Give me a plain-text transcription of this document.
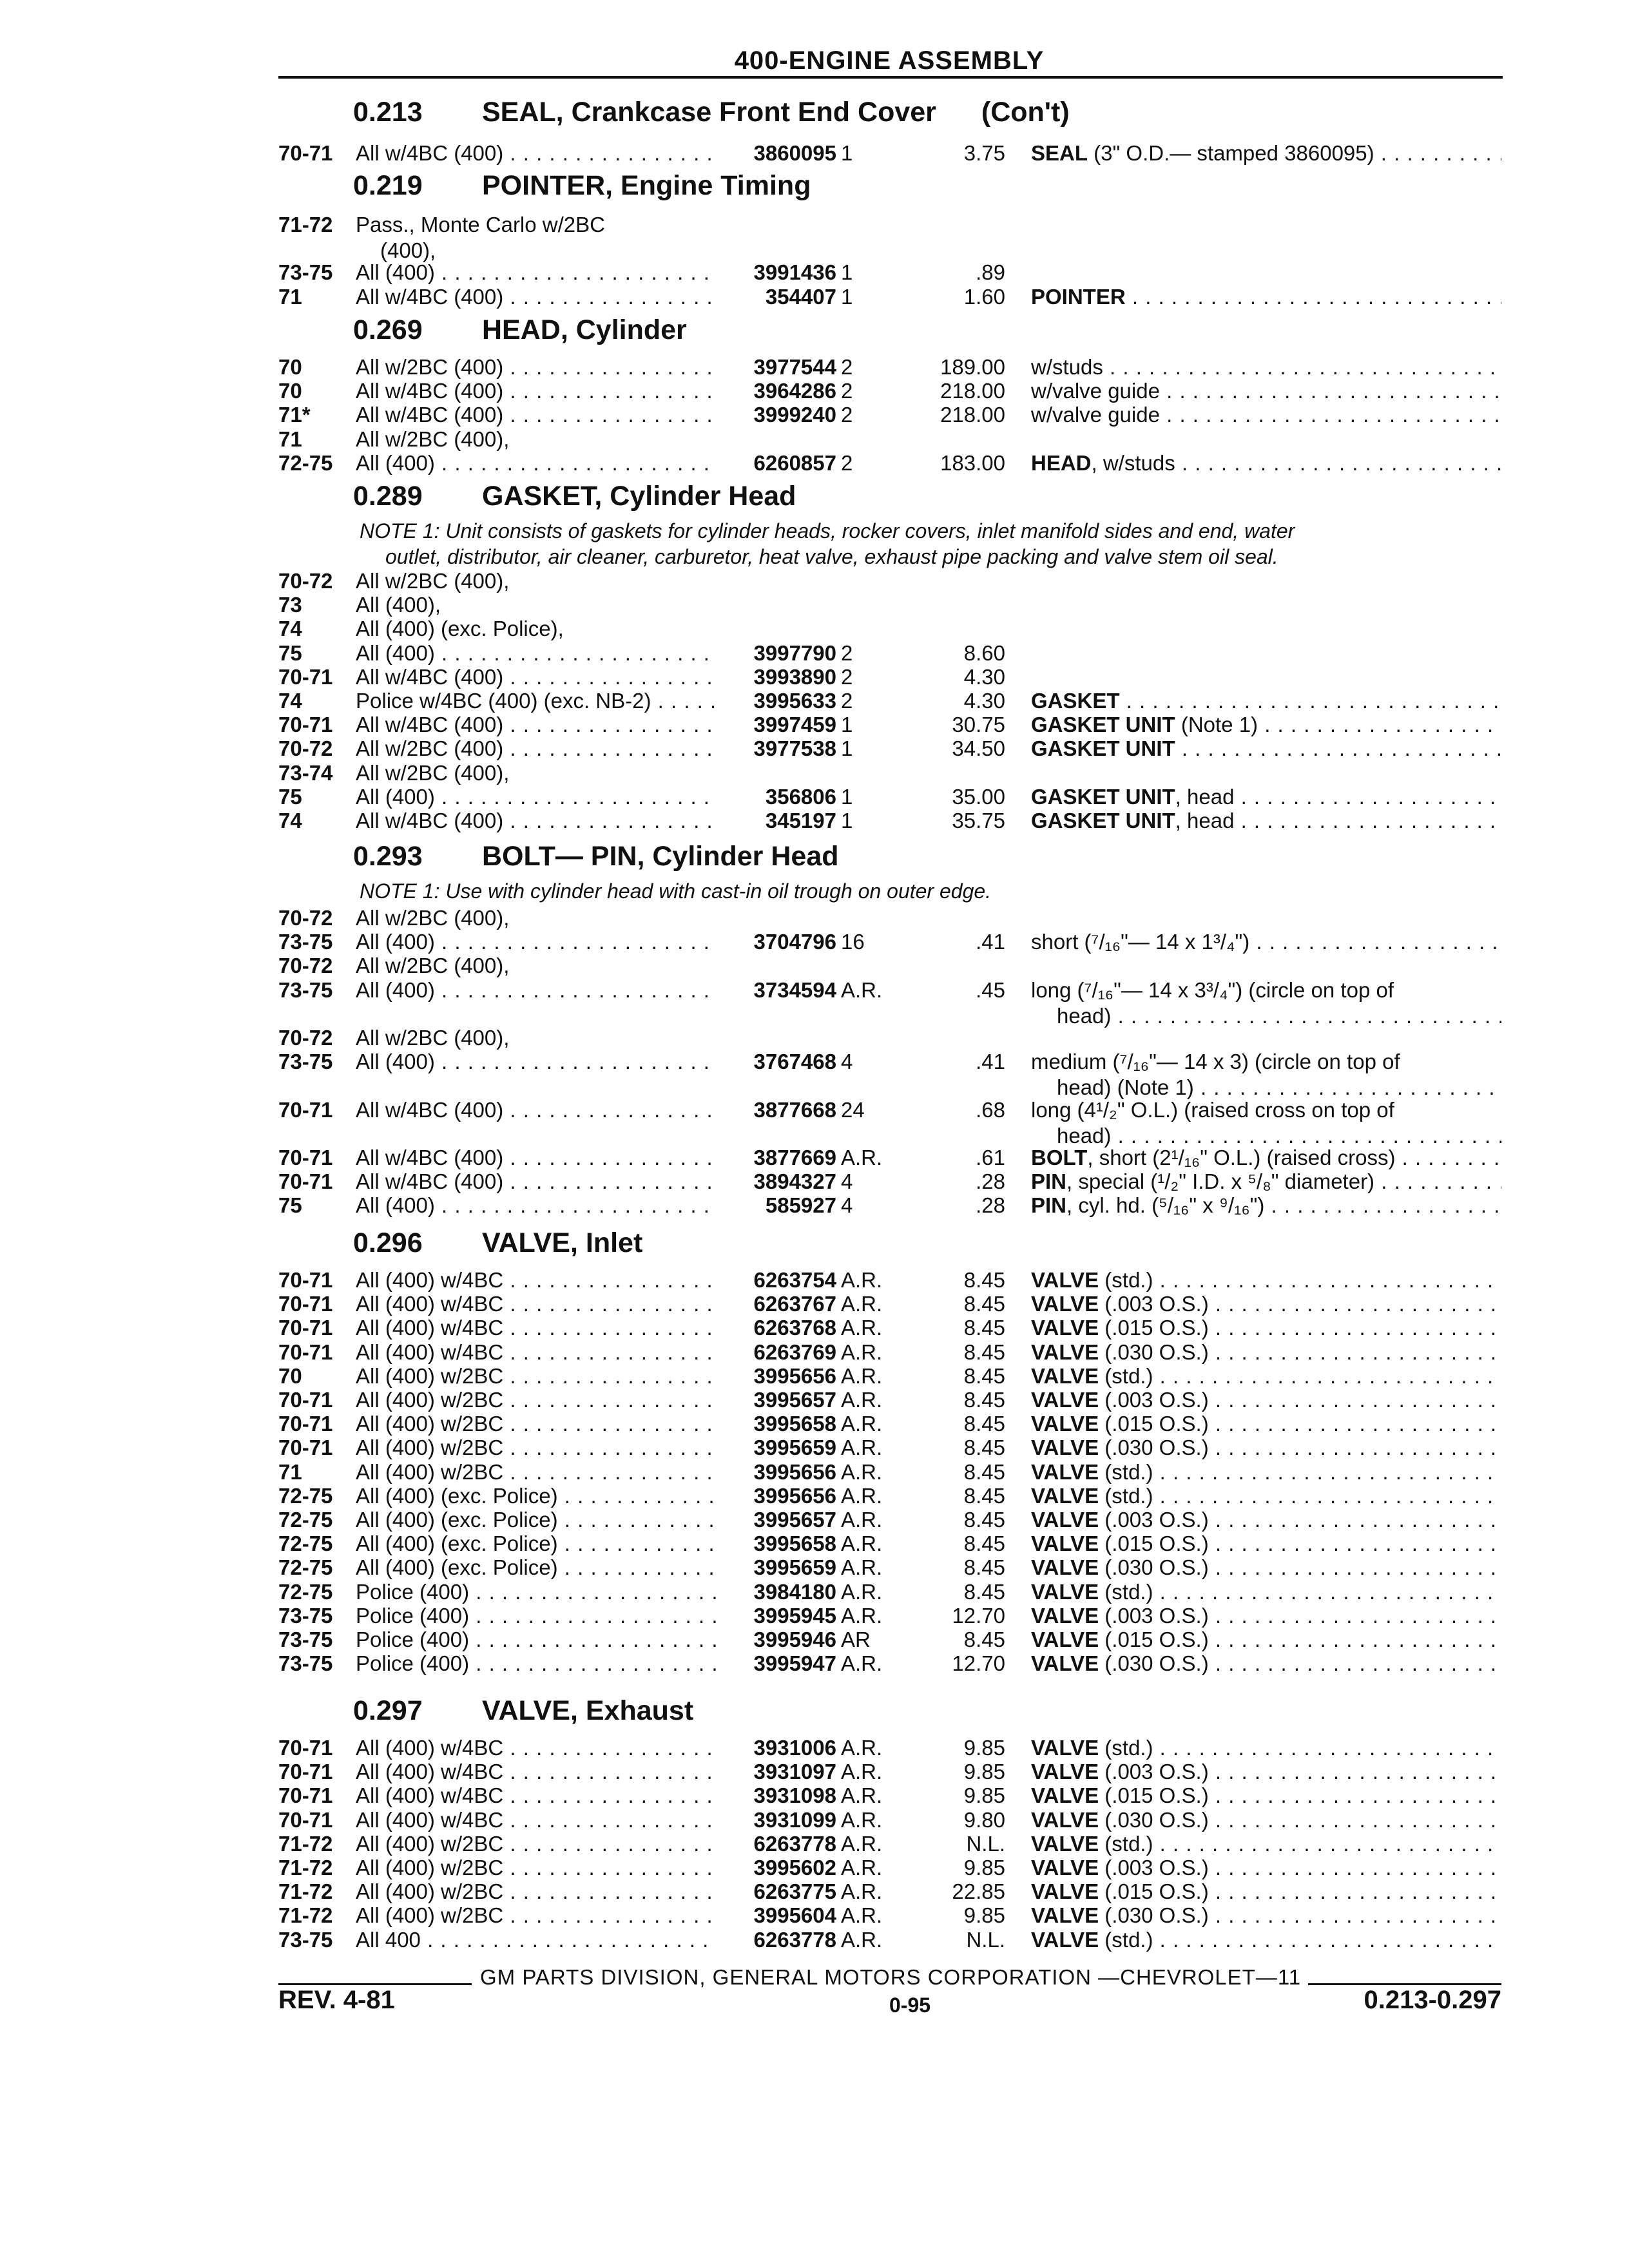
400-ENGINE ASSEMBLY
0.213 SEAL, Crankcase Front End Cover (Con't)
70-71 All w/4BC (400) . . .	3860095 1	3.75 SEAL (3" O.D.— stamped 3860095) . . .
0.219 POINTER, Engine Timing
71-72 Pass., Monte Carlo w/2BC
(400),
73-75 All (400) . . .	3991436 1	.89
71	All w/4BC (400) . . .	354407 1	1.60 POINTER . . .
0.269 HEAD, Cylinder
70	All w/2BC (400) . . .	3977544 2	189.00 w/studs . . .
70	All w/4BC (400) . . .	3964286 2	218.00 w/valve guide . . .
71* All w/4BC (400) . . .	3999240 2	218.00 w/valve guide . . .
71	All w/2BC (400),
72-75 All (400) . . .	6260857 2	183.00 HEAD, w/studs . . .
0.289 GASKET, Cylinder Head
NOTE 1: Unit consists of gaskets for cylinder heads, rocker covers, inlet manifold sides and end, water
outlet, distributor, air cleaner, carburetor, heat valve, exhaust pipe packing and valve stem oil seal.
70-72 All w/2BC (400),
73	All (400),
74	All (400) (exc. Police),
75	All (400) . . .	3997790 2	8.60
70-71 All w/4BC (400) . . .	3993890 2	4.30
74	Police w/4BC (400) (exc. NB-2) . . .	3995633 2	4.30 GASKET . . .
70-71 All w/4BC (400) . . .	3997459 1	30.75 GASKET UNIT (Note 1) . . .
70-72 All w/2BC (400) . . .	3977538 1	34.50 GASKET UNIT . . .
73-74 All w/2BC (400),
75	All (400) . . .	356806 1	35.00 GASKET UNIT, head . . .
74	All w/4BC (400) . . .	345197 1	35.75 GASKET UNIT, head . . .
0.293 BOLT— PIN, Cylinder Head
NOTE 1: Use with cylinder head with cast-in oil trough on outer edge.
70-72 All w/2BC (400),
73-75 All (400) . . .	3704796 16	.41 short (⁷/₁₆"— 14 x 1³/₄") . . .
70-72 All w/2BC (400),
73-75 All (400) . . .	3734594 A.R.	.45 long (⁷/₁₆"— 14 x 3³/₄") (circle on top of
head) . . .
70-72 All w/2BC (400),
73-75 All (400) . . .	3767468 4	.41 medium (⁷/₁₆"— 14 x 3) (circle on top of
head) (Note 1) . . .
70-71 All w/4BC (400) . . .	3877668 24	.68 long (4¹/₂" O.L.) (raised cross on top of
head) . . .
70-71 All w/4BC (400) . . .	3877669 A.R.	.61 BOLT, short (2¹/₁₆" O.L.) (raised cross) . . .
70-71 All w/4BC (400) . . .	3894327 4	.28 PIN, special (¹/₂" I.D. x ⁵/₈" diameter) . . .
75	All (400) . . .	585927 4	.28 PIN, cyl. hd. (⁵/₁₆" x ⁹/₁₆") . . .
0.296 VALVE, Inlet
70-71 All (400) w/4BC . . .	6263754 A.R.	8.45 VALVE (std.) . . .
70-71 All (400) w/4BC . . .	6263767 A.R.	8.45 VALVE (.003 O.S.) . . .
70-71 All (400) w/4BC . . .	6263768 A.R.	8.45 VALVE (.015 O.S.) . . .
70-71 All (400) w/4BC . . .	6263769 A.R.	8.45 VALVE (.030 O.S.) . . .
70	All (400) w/2BC . . .	3995656 A.R.	8.45 VALVE (std.) . . .
70-71 All (400) w/2BC . . .	3995657 A.R.	8.45 VALVE (.003 O.S.) . . .
70-71 All (400) w/2BC . . .	3995658 A.R.	8.45 VALVE (.015 O.S.) . . .
70-71 All (400) w/2BC . . .	3995659 A.R.	8.45 VALVE (.030 O.S.) . . .
71	All (400) w/2BC . . .	3995656 A.R.	8.45 VALVE (std.) . . .
72-75 All (400) (exc. Police) . . .	3995656 A.R.	8.45 VALVE (std.) . . .
72-75 All (400) (exc. Police) . . .	3995657 A.R.	8.45 VALVE (.003 O.S.) . . .
72-75 All (400) (exc. Police) . . .	3995658 A.R.	8.45 VALVE (.015 O.S.) . . .
72-75 All (400) (exc. Police) . . .	3995659 A.R.	8.45 VALVE (.030 O.S.) . . .
72-75 Police (400) . . .	3984180 A.R.	8.45 VALVE (std.) . . .
73-75 Police (400) . . .	3995945 A.R.	12.70 VALVE (.003 O.S.) . . .
73-75 Police (400) . . .	3995946 AR	8.45 VALVE (.015 O.S.) . . .
73-75 Police (400) . . .	3995947 A.R.	12.70 VALVE (.030 O.S.) . . .
0.297 VALVE, Exhaust
70-71 All (400) w/4BC . . .	3931006 A.R.	9.85 VALVE (std.) . . .
70-71 All (400) w/4BC . . .	3931097 A.R.	9.85 VALVE (.003 O.S.) . . .
70-71 All (400) w/4BC . . .	3931098 A.R.	9.85 VALVE (.015 O.S.) . . .
70-71 All (400) w/4BC . . .	3931099 A.R.	9.80 VALVE (.030 O.S.) . . .
71-72 All (400) w/2BC . . .	6263778 A.R.	N.L. VALVE (std.) . . .
71-72 All (400) w/2BC . . .	3995602 A.R.	9.85 VALVE (.003 O.S.) . . .
71-72 All (400) w/2BC . . .	6263775 A.R.	22.85 VALVE (.015 O.S.) . . .
71-72 All (400) w/2BC . . .	3995604 A.R.	9.85 VALVE (.030 O.S.) . . .
73-75 All 400 . . .	6263778 A.R.	N.L. VALVE (std.) . . .
GM PARTS DIVISION, GENERAL MOTORS CORPORATION —CHEVROLET—11
REV. 4-81	0-95	0.213-0.297
